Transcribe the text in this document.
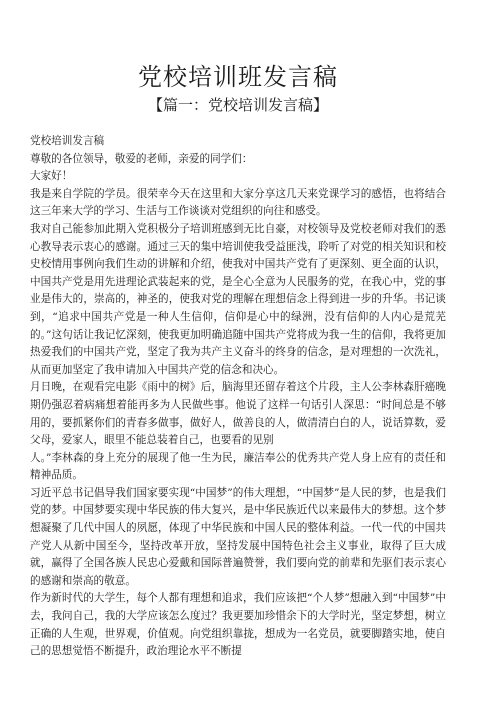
党校培训班发言稿
【篇一：党校培训发言稿】

党校培训发言稿

尊敬的各位领导，敬爱的老师，亲爱的同学们：

大家好！

我是来自学院的学员。很荣幸今天在这里和大家分享这几天来党课学习的感悟，也将结合这三年来大学的学习、生活与工作谈谈对党组织的向往和感受。

我对自己能参加此期入党积极分子培训班感到无比自豪，对校领导及党校老师对我们的悉心教导表示衷心的感谢。通过三天的集中培训使我受益匪浅，聆听了对党的相关知识和校史校情用事例向我们生动的讲解和介绍，使我对中国共产党有了更深刻、更全面的认识，中国共产党是用先进理论武装起来的党，是全心全意为人民服务的党，在我心中，党的事业是伟大的，崇高的，神圣的，使我对党的理解在理想信念上得到进一步的升华。书记谈到，“追求中国共产党是一种人生信仰，信仰是心中的绿洲，没有信仰的人内心是荒芜的。”这句话让我记忆深刻，使我更加明确追随中国共产党将成为我一生的信仰，我将更加热爱我们的中国共产党，坚定了我为共产主义奋斗的终身的信念，是对理想的一次洗礼，从而更加坚定了我申请加入中国共产党的信念和决心。

月日晚，在观看完电影《雨中的树》后，脑海里还留存着这个片段，主人公李林森肝癌晚期仍强忍着病痛想着能再多为人民做些事。他说了这样一句话引人深思：“时间总是不够用的，要抓紧你们的青春多做事，做好人，做善良的人，做清清白白的人，说话算数，爱父母，爱家人，眼里不能总装着自己，也要看的见别

人。”李林森的身上充分的展现了他一生为民，廉洁奉公的优秀共产党人身上应有的责任和精神品质。

习近平总书记倡导我们国家要实现“中国梦”的伟大理想，“中国梦”是人民的梦，也是我们党的梦。中国梦要实现中华民族的伟大复兴，是中华民族近代以来最伟大的梦想。这个梦想凝聚了几代中国人的夙愿，体现了中华民族和中国人民的整体利益。一代一代的中国共产党人从新中国至今，坚持改革开放，坚持发展中国特色社会主义事业，取得了巨大成就，赢得了全国各族人民忠心爱戴和国际普遍赞誉，我们要向党的前辈和先驱们表示衷心的感谢和崇高的敬意。

作为新时代的大学生，每个人都有理想和追求，我们应该把“个人梦”想融入到“中国梦”中去，我问自己，我的大学应该怎么度过？我更要加珍惜余下的大学时光，坚定梦想，树立正确的人生观，世界观，价值观。向党组织靠拢，想成为一名党员，就要脚踏实地，使自己的思想觉悟不断提升，政治理论水平不断提
